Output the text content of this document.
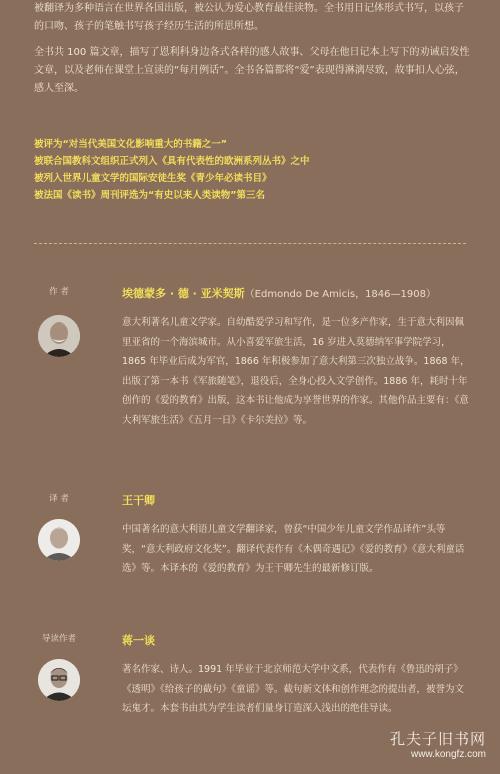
被翻译为多种语言在世界各国出版，被公认为爱心教育最佳读物。全书用日记体形式书写，以孩子的口吻、孩子的笔触书写孩子经历生活的所思所想。

全书共 100 篇文章，描写了恩利科身边各式各样的感人故事、父母在他日记本上写下的劝诫启发性文章，以及老师在课堂上宣读的“每月例话”。全书各篇都将“爱”表现得淋漓尽致，故事扣人心弦，感人至深。

被评为“对当代美国文化影响重大的书籍之一”
被联合国教科文组织正式列入《具有代表性的欧洲系列丛书》之中
被列入世界儿童文学的国际安徒生奖《青少年必读书目》
被法国《读书》周刊评选为“有史以来人类读物”第三名
作 者	埃德蒙多 · 德 · 亚米契斯（Edmondo De Amicis，1846—1908）
意大利著名儿童文学家。自幼酷爱学习和写作，是一位多产作家，生于意大利因佩里亚省的一个海滨城市。从小喜爱军旅生活，16 岁进入莫德纳军事学院学习，1865 年毕业后成为军官，1866 年积极参加了意大利第三次独立战争。1868 年，出版了第一本书《军旅随笔》，退役后，全身心投入文学创作。1886 年，耗时十年创作的《爱的教育》出版，这本书让他成为享誉世界的作家。其他作品主要有：《意大利军旅生活》《五月一日》《卡尔美拉》等。
译 者	王干卿
中国著名的意大利语儿童文学翻译家，曾获“中国少年儿童文学作品译作”头等奖，“意大利政府文化奖”。翻译代表作有《木偶奇遇记》《爱的教育》《意大利童话选》等。本译本的《爱的教育》为王干卿先生的最新修订版。
导读作者	蒋一谈
著名作家、诗人。1991 年毕业于北京师范大学中文系，代表作有《鲁迅的胡子》《透明》《给孩子的截句》《童谣》等。截句新文体和创作理念的提出者，被誉为文坛鬼才。本套书由其为学生读者们量身订造深入浅出的绝佳导读。
孔夫子旧书网
www.kongfz.com
